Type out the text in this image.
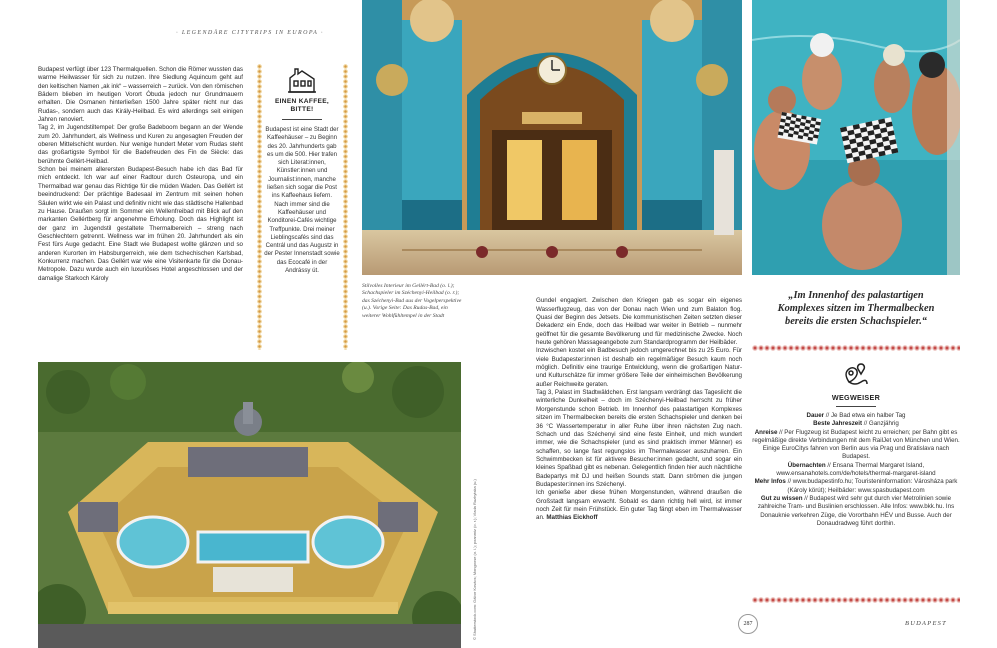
· LEGENDÄRE CITYTRIPS IN EUROPA ·
Budapest verfügt über 123 Thermalquellen. Schon die Römer wussten das warme Heilwasser für sich zu nutzen. Ihre Siedlung Aquincum geht auf den keltischen Namen „ak ink“ – wasserreich – zurück. Von den römischen Bädern blieben im heutigen Vorort Óbuda jedoch nur Grundmauern erhalten. Die Osmanen hinterließen 1500 Jahre später nicht nur das Rudas-, sondern auch das Király-Heilbad. Es wird allerdings seit einigen Jahren renoviert.
Tag 2, im Jugendstiltempel: Der große Badeboom begann an der Wende zum 20. Jahrhundert, als Wellness und Kuren zu angesagten Freuden der oberen Mittelschicht wurden. Nur wenige hundert Meter vom Rudas steht das großartigste Symbol für die Badefreuden des Fin de Siècle: das berühmte Gellért-Heilbad.
Schon bei meinem allerersten Budapest-Besuch habe ich das Bad für mich entdeckt. Ich war auf einer Radtour durch Osteuropa, und ein Thermalbad war genau das Richtige für die müden Waden. Das Gellért ist beeindruckend: Der prächtige Badesaal im Zentrum mit seinen hohen Säulen wirkt wie ein Palast und definitiv nicht wie das städtische Hallenbad zu Hause. Draußen sorgt im Sommer ein Wellenfreibad mit Blick auf den markanten Gellértberg für angenehme Erholung. Doch das Highlight ist der ganz im Jugendstil gestaltete Thermalbereich – streng nach Geschlechtern getrennt. Wellness war im frühen 20. Jahrhundert als ein Fest fürs Auge gedacht. Eine Stadt wie Budapest wollte glänzen und so anderen Kurorten im Habsburgerreich, wie dem tschechischen Karlsbad, Konkurrenz machen. Das Gellért war wie eine Visitenkarte für die Donau-Metropole. Dazu wurde auch ein luxuriöses Hotel angeschlossen und der damalige Starkoch Károly
EINEN KAFFEE,
BITTE!
Budapest ist eine Stadt der Kaffeehäuser – zu Beginn des 20. Jahrhunderts gab es um die 500. Hier trafen sich Literat:innen, Künstler:innen und Journalist:innen, manche ließen sich sogar die Post ins Kaffeehaus liefern. Nach immer sind die Kaffeehäuser und Konditorei-Cafés wichtige Treffpunkte. Drei meiner Lieblingscafés sind das Centrál und das Augustz in der Pester Innenstadt sowie das Ecocafé in der Andrássy út.
Stilvolles Interieur im Gellért-Bad (o. l.); Schachspieler im Széchenyi-Heilbad (o. r.); das Széchenyi-Bad aus der Vogelperspektive (u.). Vorige Seite: Das Rudas-Bad, ein weiterer Wohlfühltempel in der Stadt

Gundel engagiert. Zwischen den Kriegen gab es sogar ein eigenes Wasserflugzeug, das von der Donau nach Wien und zum Balaton flog. Quasi der Beginn des Jetsets. Die kommunistischen Zeiten setzten dieser Dekadenz ein Ende, doch das Heilbad war weiter in Betrieb – nunmehr geöffnet für die gesamte Bevölkerung und für medizinische Zwecke. Noch heute gehören Massageangebote zum Standardprogramm der Heilbäder.
Inzwischen kostet ein Badbesuch jedoch umgerechnet bis zu 25 Euro. Für viele Budapester:innen ist deshalb ein regelmäßiger Besuch kaum noch möglich. Definitiv eine traurige Entwicklung, wenn die großartigen Natur- und Kulturschätze für immer größere Teile der einheimischen Bevölkerung außer Reichweite geraten.
Tag 3, Palast im Stadtwäldchen. Erst langsam verdrängt das Tageslicht die winterliche Dunkelheit – doch im Széchenyi-Heilbad herrscht zu früher Morgenstunde schon Betrieb. Im Innenhof des palastartigen Komplexes sitzen im Thermalbecken bereits die ersten Schachspieler und denken bei 36 °C Wassertemperatur in aller Ruhe über ihren nächsten Zug nach. Schach und das Széchenyi sind eine feste Einheit, und mich wundert immer, wie die Schachspieler (und es sind praktisch immer Männer) es schaffen, so lange fast regungslos im Thermalwasser auszuharren. Ein Schwimmbecken ist für aktivere Besucher:innen gedacht, und sogar ein kleines Spaßbad gibt es nebenan. Gelegentlich finden hier auch nächtliche Badepartys mit DJ und heißen Sounds statt. Dann strömen die jungen Budapester:innen ins Széchenyi.
Ich genieße aber diese frühen Morgenstunden, während draußen die Großstadt langsam erwacht. Sobald es dann richtig hell wird, ist immer noch Zeit für mein Frühstück. Ein guter Tag fängt eben im Thermalwasser an. Matthias Eickhoff

© Shutterstock.com: Gábor Kovács; Mongoose (o. l.); poanmiz (o. r.); Vlada Ruzhytska (u.)
„Im Innenhof des palastartigen Komplexes sitzen im Thermalbecken bereits die ersten Schachspieler.“
WEGWEISER
Dauer // Je Bad etwa ein halber Tag
Beste Jahreszeit // Ganzjährig
Anreise // Per Flugzeug ist Budapest leicht zu erreichen; per Bahn gibt es regelmäßige direkte Verbindungen mit dem RailJet von München und Wien. Einige EuroCitys fahren von Berlin aus via Prag und Bratislava nach Budapest.
Übernachten // Ensana Thermal Margaret Island, www.ensanahotels.com/de/hotels/thermal-margaret-island
Mehr Infos // www.budapestinfo.hu; Touristeninformation: Városháza park (Károly körút); Heilbäder: www.spasbudapest.com
Gut zu wissen // Budapest wird sehr gut durch vier Metrolinien sowie zahlreiche Tram- und Buslinien erschlossen. Alle Infos: www.bkk.hu. Ins Donauknie verkehren Züge, die Vorortbahn HÉV und Busse. Auch der Donaudradweg führt dorthin.
287	BUDAPEST
